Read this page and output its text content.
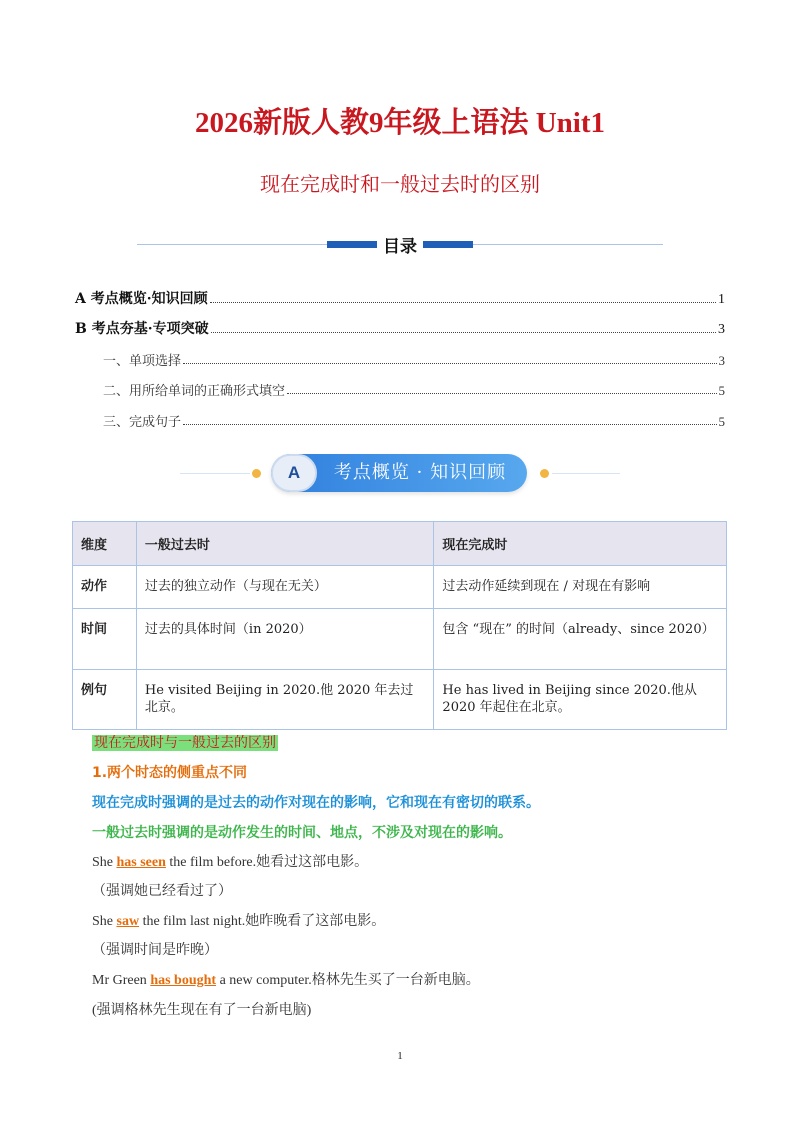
2026新版人教9年级上语法 Unit1
现在完成时和一般过去时的区别
目录
A 考点概览·知识回顾	1
B 考点夯基·专项突破	3
一、单项选择	3
二、用所给单词的正确形式填空	5
三、完成句子	5
A	考点概览 · 知识回顾
维度	一般过去时	现在完成时
动作	过去的独立动作（与现在无关）	过去动作延续到现在 / 对现在有影响
时间	过去的具体时间（in 2020）	包含 “现在” 的时间（already、since 2020）
例句	He visited Beijing in 2020.他 2020 年去过北京。	He has lived in Beijing since 2020.他从 2020 年起住在北京。
现在完成时与一般过去的区别
1.两个时态的侧重点不同
现在完成时强调的是过去的动作对现在的影响，它和现在有密切的联系。
一般过去时强调的是动作发生的时间、地点，不涉及对现在的影响。
She has seen the film before.她看过这部电影。
（强调她已经看过了）
She saw the film last night.她昨晚看了这部电影。
（强调时间是昨晚）
Mr Green has bought a new computer.格林先生买了一台新电脑。
(强调格林先生现在有了一台新电脑)
1
